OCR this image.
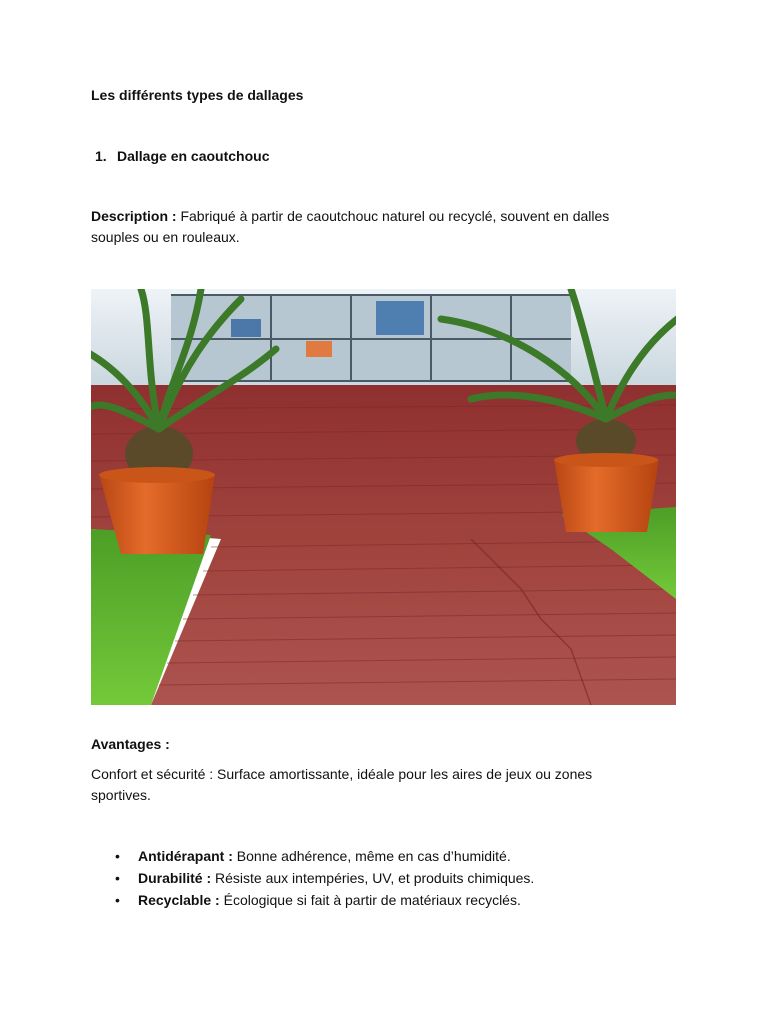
Les différents types de dallages
1. Dallage en caoutchouc

Description : Fabriqué à partir de caoutchouc naturel ou recyclé, souvent en dalles souples ou en rouleaux.

Avantages :

Confort et sécurité : Surface amortissante, idéale pour les aires de jeux ou zones sportives.

• Antidérapant : Bonne adhérence, même en cas d’humidité.
• Durabilité : Résiste aux intempéries, UV, et produits chimiques.
• Recyclable : Écologique si fait à partir de matériaux recyclés.
